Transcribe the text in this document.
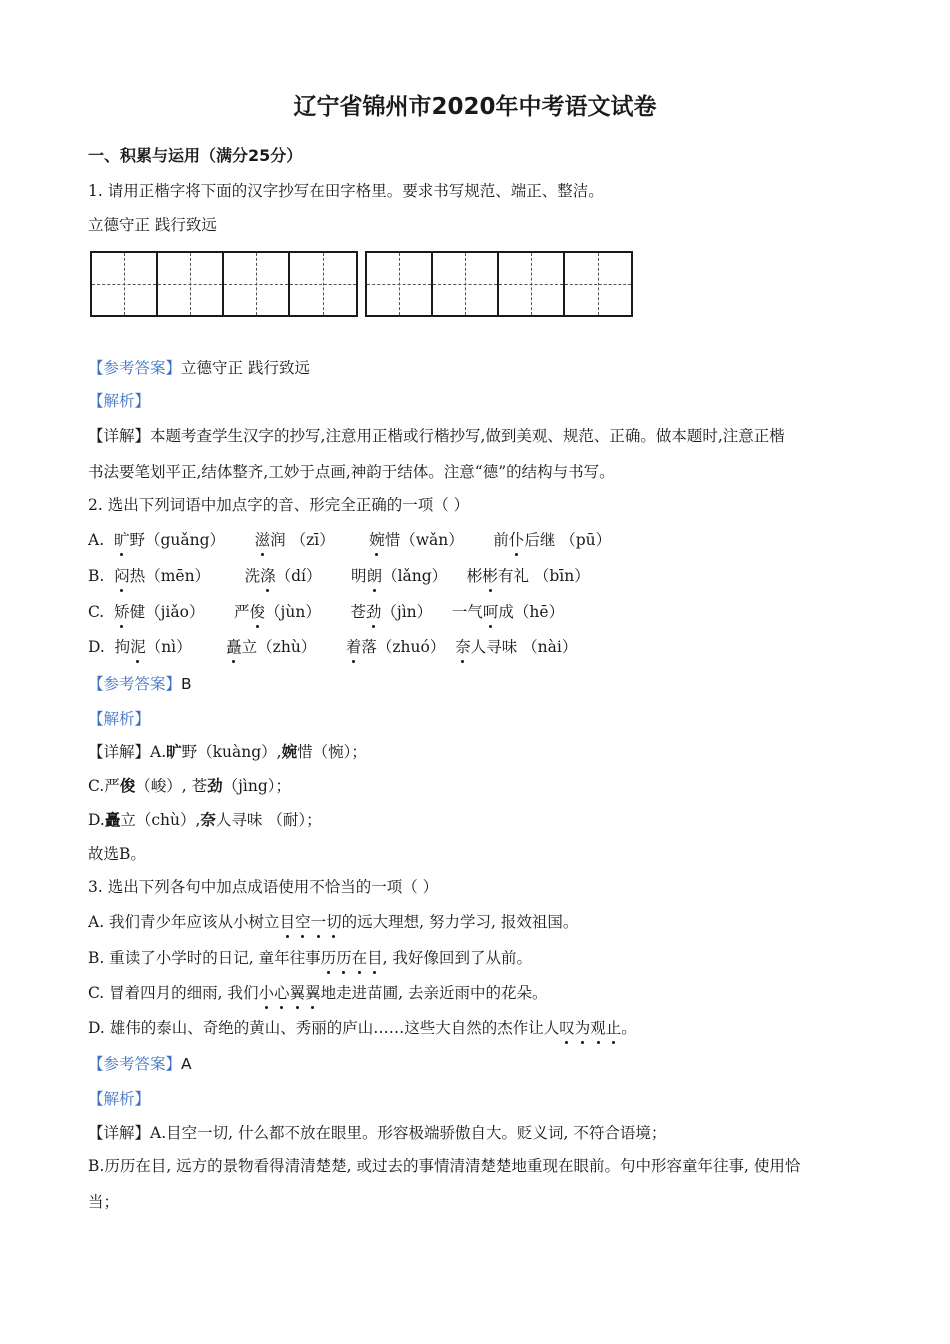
辽宁省锦州市2020年中考语文试卷
一、积累与运用（满分25分）
1. 请用正楷字将下面的汉字抄写在田字格里。要求书写规范、端正、整洁。
立德守正 践行致远
【参考答案】立德守正 践行致远
【解析】
【详解】本题考查学生汉字的抄写,注意用正楷或行楷抄写,做到美观、规范、正确。做本题时,注意正楷
书法要笔划平正,结体整齐,工妙于点画,神韵于结体。注意“德”的结构与书写。
2. 选出下列词语中加点字的音、形完全正确的一项（ ）
A. 旷野（guǎng） 滋润 （zī） 婉惜（wǎn） 前仆后继 （pū）
B. 闷热（mēn） 洗涤（dí） 明朗（lǎng） 彬彬有礼 （bīn）
C. 矫健（jiǎo） 严俊（jùn） 苍劲（jìn） 一气呵成（hē）
D. 拘泥（nì） 矗立（zhù） 着落（zhuó） 奈人寻味 （nài）
【参考答案】B
【解析】
【详解】A.旷野（kuàng）,婉惜（惋）；
C.严俊（峻）, 苍劲（jìng）；
D.矗立（chù）,奈人寻味 （耐）；
故选B。
3. 选出下列各句中加点成语使用不恰当的一项（ ）
A. 我们青少年应该从小树立目空一切的远大理想, 努力学习, 报效祖国。
B. 重读了小学时的日记, 童年往事历历在目, 我好像回到了从前。
C. 冒着四月的细雨, 我们小心翼翼地走进苗圃, 去亲近雨中的花朵。
D. 雄伟的泰山、奇绝的黄山、秀丽的庐山……这些大自然的杰作让人叹为观止。
【参考答案】A
【解析】
【详解】A.目空一切, 什么都不放在眼里。形容极端骄傲自大。贬义词, 不符合语境；
B.历历在目, 远方的景物看得清清楚楚, 或过去的事情清清楚楚地重现在眼前。句中形容童年往事, 使用恰
当；
